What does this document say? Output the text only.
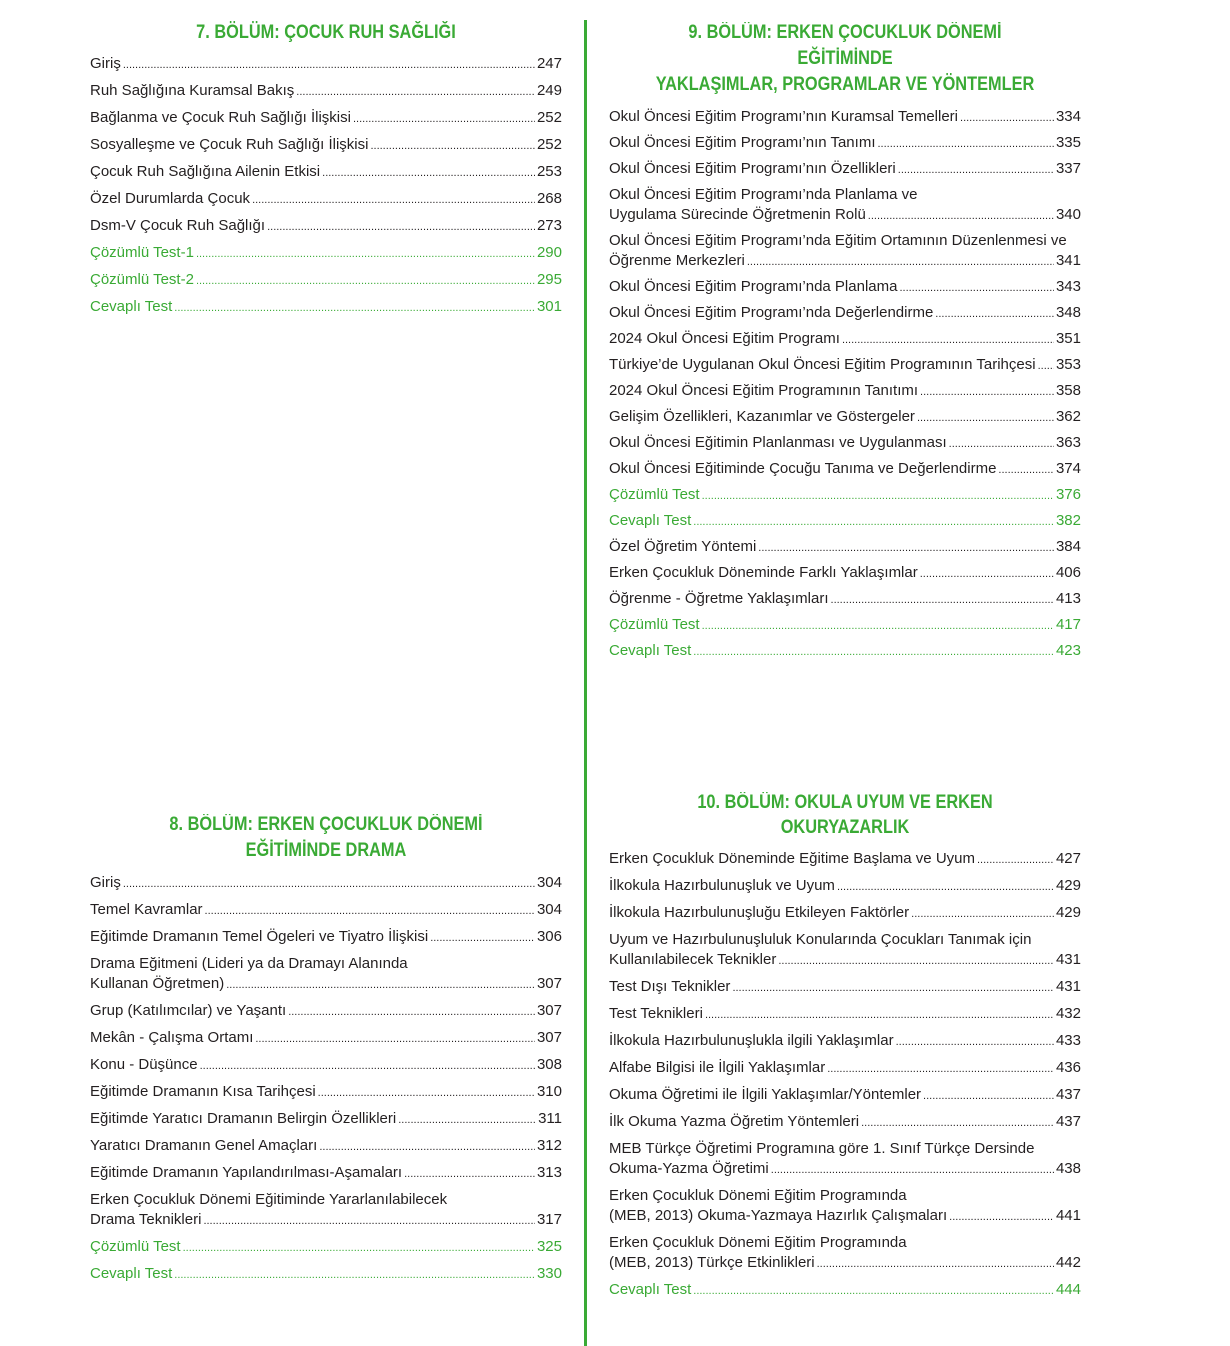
7. BÖLÜM: ÇOCUK RUH SAĞLIĞI
Giriş .....	247
Ruh Sağlığına Kuramsal Bakış .....	249
Bağlanma ve Çocuk Ruh Sağlığı İlişkisi .....	252
Sosyalleşme ve Çocuk Ruh Sağlığı İlişkisi .....	252
Çocuk Ruh Sağlığına Ailenin Etkisi .....	253
Özel Durumlarda Çocuk .....	268
Dsm-V Çocuk Ruh Sağlığı .....	273
Çözümlü Test-1 .....	290
Çözümlü Test-2 .....	295
Cevaplı Test .....	301
8. BÖLÜM: ERKEN ÇOCUKLUK DÖNEMİ
EĞİTİMİNDE DRAMA
Giriş .....	304
Temel Kavramlar .....	304
Eğitimde Dramanın Temel Ögeleri ve Tiyatro İlişkisi .....	306
Drama Eğitmeni (Lideri ya da Dramayı Alanında
Kullanan Öğretmen) .....	307
Grup (Katılımcılar) ve Yaşantı .....	307
Mekân - Çalışma Ortamı .....	307
Konu - Düşünce .....	308
Eğitimde Dramanın Kısa Tarihçesi .....	310
Eğitimde Yaratıcı Dramanın Belirgin Özellikleri .....	311
Yaratıcı Dramanın Genel Amaçları .....	312
Eğitimde Dramanın Yapılandırılması-Aşamaları .....	313
Erken Çocukluk Dönemi Eğitiminde Yararlanılabilecek
Drama Teknikleri .....	317
Çözümlü Test .....	325
Cevaplı Test .....	330
9. BÖLÜM: ERKEN ÇOCUKLUK DÖNEMİ EĞİTİMİNDE
YAKLAŞIMLAR, PROGRAMLAR VE YÖNTEMLER
Okul Öncesi Eğitim Programı’nın Kuramsal Temelleri .....	334
Okul Öncesi Eğitim Programı’nın Tanımı .....	335
Okul Öncesi Eğitim Programı’nın Özellikleri .....	337
Okul Öncesi Eğitim Programı’nda Planlama ve
Uygulama Sürecinde Öğretmenin Rolü .....	340
Okul Öncesi Eğitim Programı’nda Eğitim Ortamının Düzenlenmesi ve
Öğrenme Merkezleri .....	341
Okul Öncesi Eğitim Programı’nda Planlama .....	343
Okul Öncesi Eğitim Programı’nda Değerlendirme .....	348
2024 Okul Öncesi Eğitim Programı .....	351
Türkiye’de Uygulanan Okul Öncesi Eğitim Programının Tarihçesi ..... 353
2024 Okul Öncesi Eğitim Programının Tanıtımı .....	358
Gelişim Özellikleri, Kazanımlar ve Göstergeler .....	362
Okul Öncesi Eğitimin Planlanması ve Uygulanması .....	363
Okul Öncesi Eğitiminde Çocuğu Tanıma ve Değerlendirme .....	374
Çözümlü Test .....	376
Cevaplı Test .....	382
Özel Öğretim Yöntemi .....	384
Erken Çocukluk Döneminde Farklı Yaklaşımlar .....	406
Öğrenme - Öğretme Yaklaşımları .....	413
Çözümlü Test .....	417
Cevaplı Test .....	423
10. BÖLÜM: OKULA UYUM VE ERKEN OKURYAZARLIK
Erken Çocukluk Döneminde Eğitime Başlama ve Uyum .....	427
İlkokula Hazırbulunuşluk ve Uyum .....	429
İlkokula Hazırbulunuşluğu Etkileyen Faktörler .....	429
Uyum ve Hazırbulunuşluluk Konularında Çocukları Tanımak için
Kullanılabilecek Teknikler .....	431
Test Dışı Teknikler .....	431
Test Teknikleri .....	432
İlkokula Hazırbulunuşlukla ilgili Yaklaşımlar .....	433
Alfabe Bilgisi ile İlgili Yaklaşımlar .....	436
Okuma Öğretimi ile İlgili Yaklaşımlar/Yöntemler .....	437
İlk Okuma Yazma Öğretim Yöntemleri .....	437
MEB Türkçe Öğretimi Programına göre 1. Sınıf Türkçe Dersinde
Okuma-Yazma Öğretimi .....	438
Erken Çocukluk Dönemi Eğitim Programında
(MEB, 2013) Okuma-Yazmaya Hazırlık Çalışmaları .....	441
Erken Çocukluk Dönemi Eğitim Programında
(MEB, 2013) Türkçe Etkinlikleri .....	442
Cevaplı Test .....	444
